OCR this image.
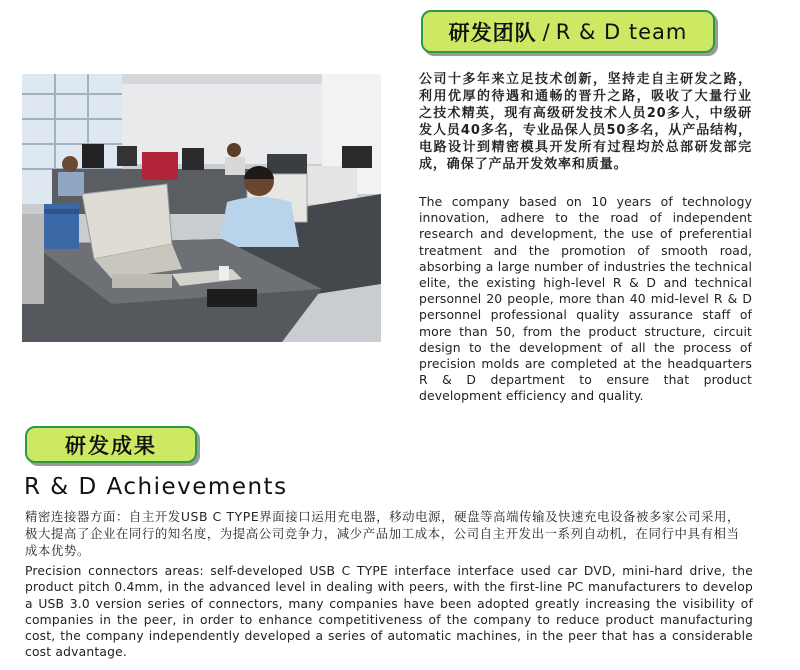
研发团队 / R & D team

公司十多年来立足技术创新，坚持走自主研发之路，利用优厚的待遇和通畅的晋升之路，吸收了大量行业之技术精英，现有高级研发技术人员20多人，中级研发人员40多名，专业品保人员50多名，从产品结构，电路设计到精密模具开发所有过程均於总部研发部完成，确保了产品开发效率和质量。

The company based on 10 years of technology innovation, adhere to the road of independent research and development, the use of preferential treatment and the promotion of smooth road, absorbing a large number of industries the technical elite, the existing high-level R & D and technical personnel 20 people, more than 40 mid-level R & D personnel professional quality assurance staff of more than 50, from the product structure, circuit design to the development of all the process of precision molds are completed at the headquarters R & D department to ensure that product development efficiency and quality.

研发成果
R & D Achievements

精密连接器方面：自主开发USB C TYPE界面接口运用充电器，移动电源，硬盘等高端传输及快速充电设备被多家公司采用，极大提高了企业在同行的知名度，为提高公司竞争力，减少产品加工成本，公司自主开发出一系列自动机，在同行中具有相当成本优势。

Precision connectors areas: self-developed USB C TYPE interface interface used car DVD, mini-hard drive, the product pitch 0.4mm, in the advanced level in dealing with peers, with the first-line PC manufacturers to develop a USB 3.0 version series of connectors, many companies have been adopted greatly increasing the visibility of companies in the peer, in order to enhance competitiveness of the company to reduce product manufacturing cost, the company independently developed a series of automatic machines, in the peer that has a considerable cost advantage.
